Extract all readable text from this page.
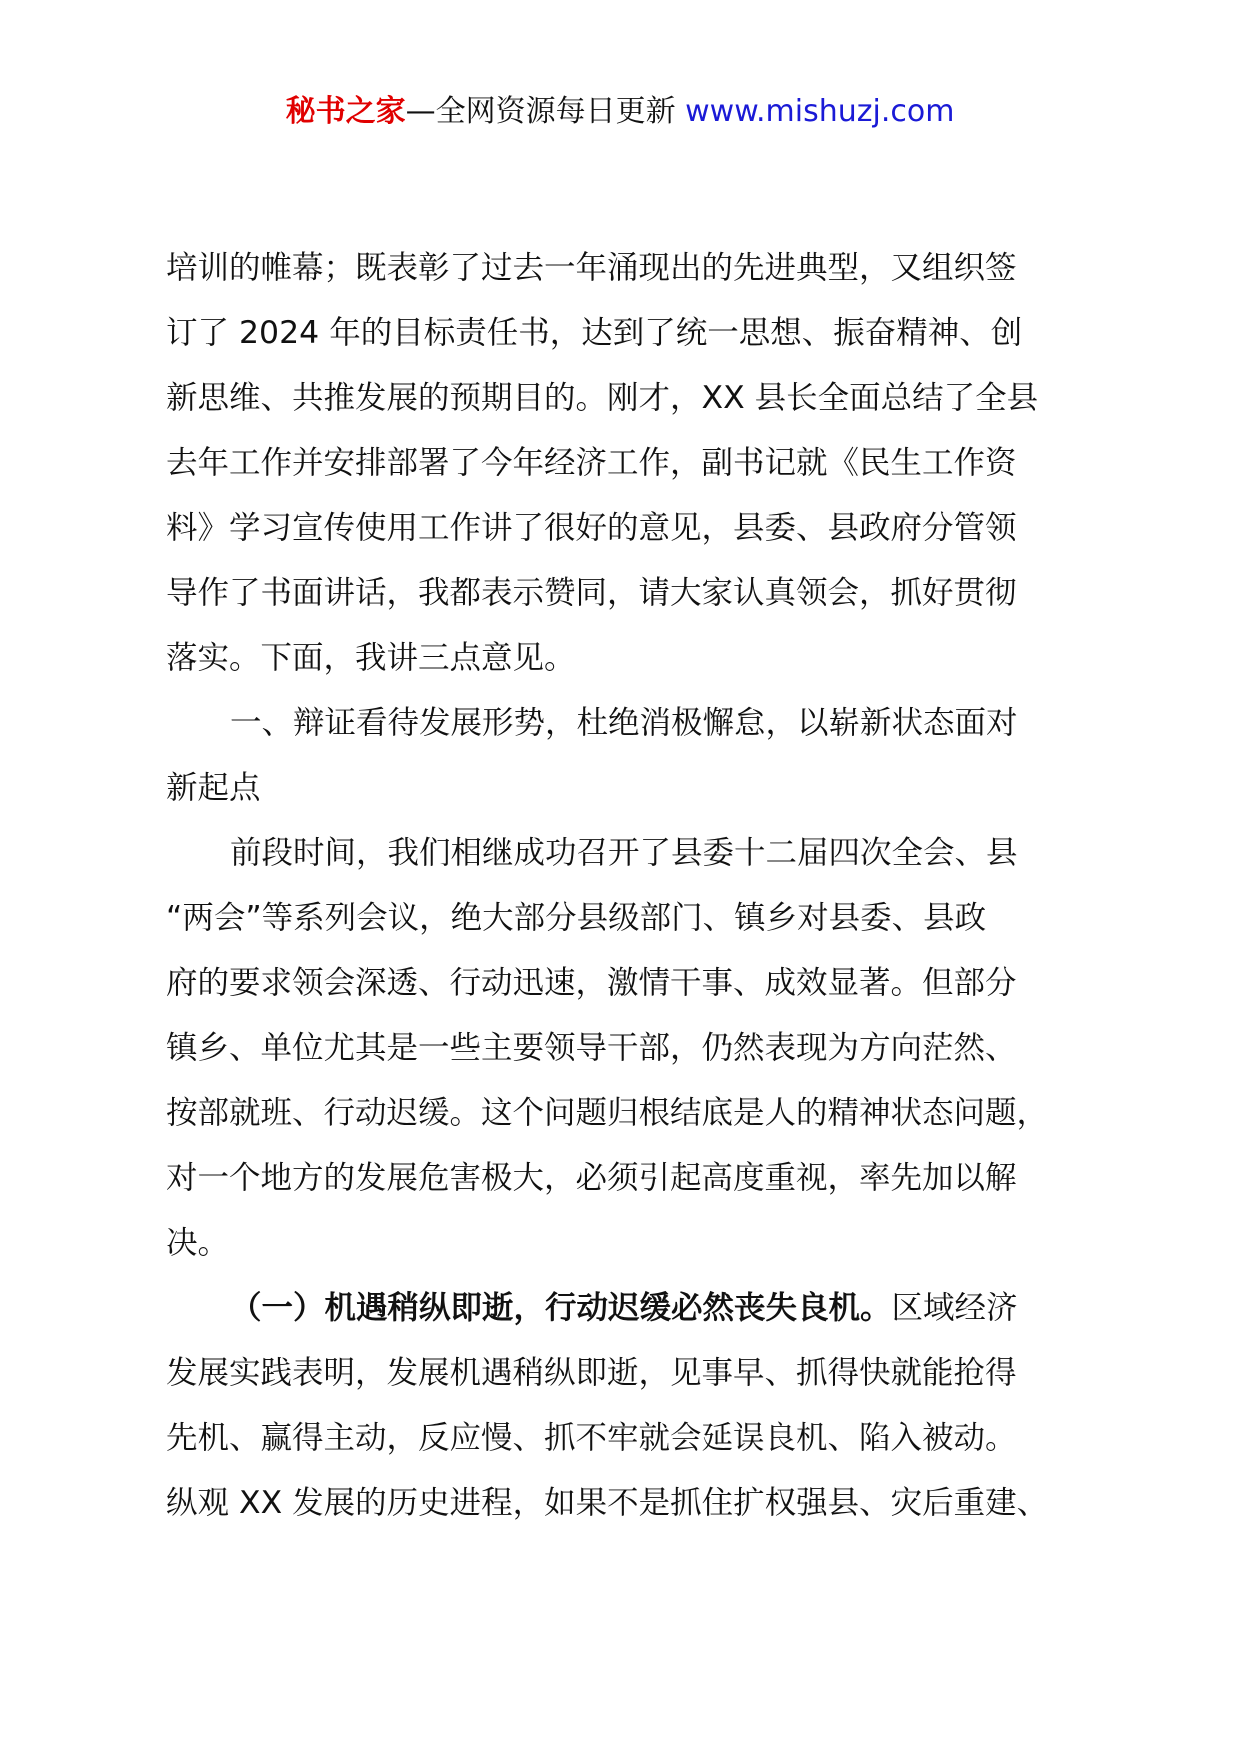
秘书之家—全网资源每日更新 www.mishuzj.com
培训的帷幕；既表彰了过去一年涌现出的先进典型，又组织签
订了 2024 年的目标责任书，达到了统一思想、振奋精神、创
新思维、共推发展的预期目的。刚才，XX 县长全面总结了全县
去年工作并安排部署了今年经济工作，副书记就《民生工作资
料》学习宣传使用工作讲了很好的意见，县委、县政府分管领
导作了书面讲话，我都表示赞同，请大家认真领会，抓好贯彻
落实。下面，我讲三点意见。
一、辩证看待发展形势，杜绝消极懈怠，以崭新状态面对
新起点
前段时间，我们相继成功召开了县委十二届四次全会、县
“两会”等系列会议，绝大部分县级部门、镇乡对县委、县政
府的要求领会深透、行动迅速，激情干事、成效显著。但部分
镇乡、单位尤其是一些主要领导干部，仍然表现为方向茫然、
按部就班、行动迟缓。这个问题归根结底是人的精神状态问题，
对一个地方的发展危害极大，必须引起高度重视，率先加以解
决。
（一）机遇稍纵即逝，行动迟缓必然丧失良机。区域经济
发展实践表明，发展机遇稍纵即逝，见事早、抓得快就能抢得
先机、赢得主动，反应慢、抓不牢就会延误良机、陷入被动。
纵观 XX 发展的历史进程，如果不是抓住扩权强县、灾后重建、
